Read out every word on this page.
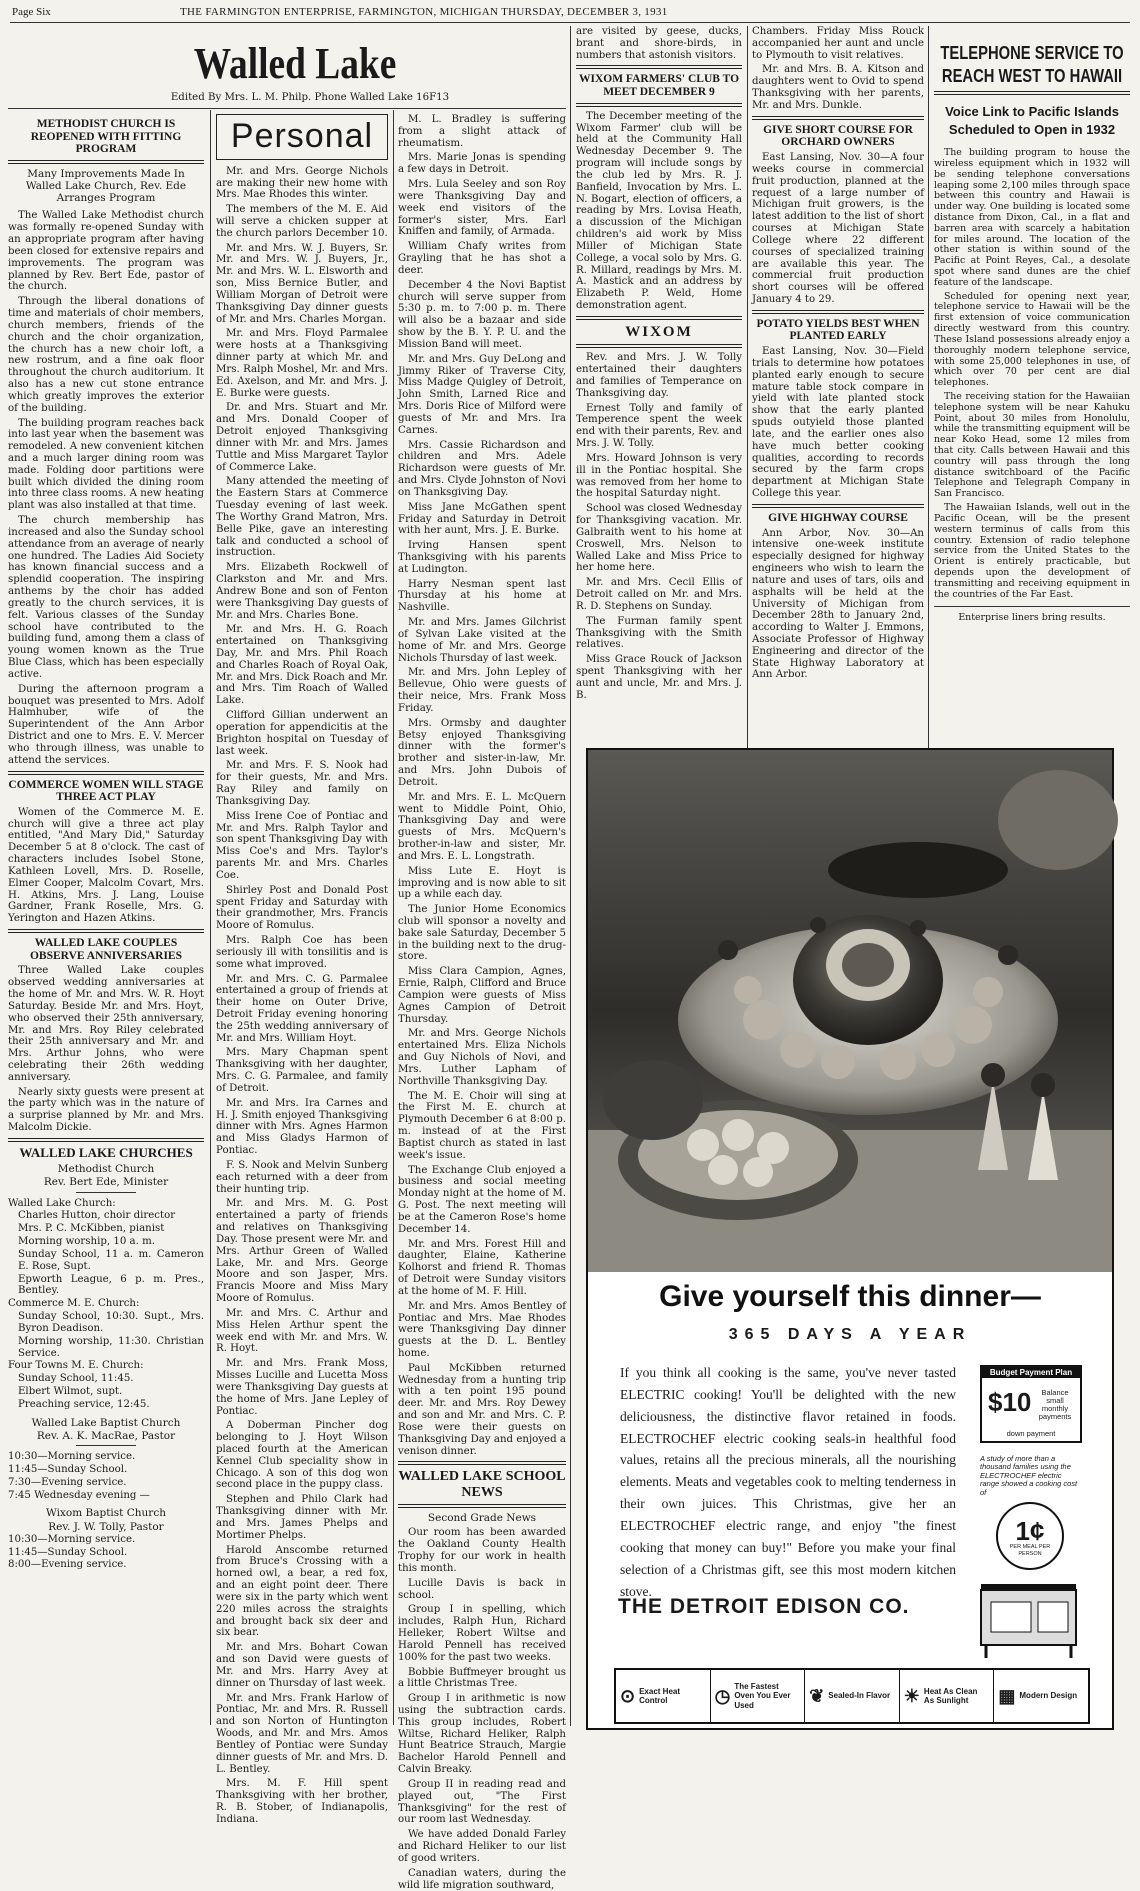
Page Six	THE FARMINGTON ENTERPRISE, FARMINGTON, MICHIGAN THURSDAY, DECEMBER 3, 1931
Walled Lake
Edited By Mrs. L. M. Philp. Phone Walled Lake 16F13
METHODIST CHURCH IS REOPENED WITH FITTING PROGRAM
Many Improvements Made In Walled Lake Church, Rev. Ede Arranges Program

The Walled Lake Methodist church was formally re-opened Sunday with an appropriate program after having been closed for extensive repairs and improvements. The program was planned by Rev. Bert Ede, pastor of the church.

Through the liberal donations of time and materials of choir members, church members, friends of the church and the choir organization, the church has a new choir loft, a new rostrum, and a fine oak floor throughout the church auditorium. It also has a new cut stone entrance which greatly improves the exterior of the building.

The building program reaches back into last year when the basement was remodeled. A new convenient kitchen and a much larger dining room was made. Folding door partitions were built which divided the dining room into three class rooms. A new heating plant was also installed at that time.

The church membership has increased and also the Sunday school attendance from an average of nearly one hundred. The Ladies Aid Society has known financial success and a splendid cooperation. The inspiring anthems by the choir has added greatly to the church services, it is felt. Various classes of the Sunday school have contributed to the building fund, among them a class of young women known as the True Blue Class, which has been especially active.

During the afternoon program a bouquet was presented to Mrs. Adolf Halmhuber, wife of the Superintendent of the Ann Arbor District and one to Mrs. E. V. Mercer who through illness, was unable to attend the services.

COMMERCE WOMEN WILL STAGE THREE ACT PLAY

Women of the Commerce M. E. church will give a three act play entitled, "And Mary Did," Saturday December 5 at 8 o'clock. The cast of characters includes Isobel Stone, Kathleen Lovell, Mrs. D. Roselle, Elmer Cooper, Malcolm Covart, Mrs. H. Atkins, Mrs. J. Lang, Louise Gardner, Frank Roselle, Mrs. G. Yerington and Hazen Atkins.

WALLED LAKE COUPLES OBSERVE ANNIVERSARIES

Three Walled Lake couples observed wedding anniversaries at the home of Mr. and Mrs. W. R. Hoyt Saturday. Beside Mr. and Mrs. Hoyt, who observed their 25th anniversary, Mr. and Mrs. Roy Riley celebrated their 25th anniversary and Mr. and Mrs. Arthur Johns, who were celebrating their 26th wedding anniversary.

Nearly sixty guests were present at the party which was in the nature of a surprise planned by Mr. and Mrs. Malcolm Dickie.

WALLED LAKE CHURCHES

Methodist Church

Rev. Bert Ede, Minister

Walled Lake Church:

Charles Hutton, choir director

Mrs. P. C. McKibben, pianist

Morning worship, 10 a. m.

Sunday School, 11 a. m. Cameron E. Rose, Supt.

Epworth League, 6 p. m. Pres., Bentley.

Commerce M. E. Church:

Sunday School, 10:30. Supt., Mrs. Byron Deadison.

Morning worship, 11:30. Christian Service.

Four Towns M. E. Church:

Sunday School, 11:45.

Elbert Wilmot, supt.

Preaching service, 12:45.

Walled Lake Baptist Church

Rev. A. K. MacRae, Pastor

10:30—Morning service.

11:45—Sunday School.

7:30—Evening service.

7:45 Wednesday evening —

Wixom Baptist Church

Rev. J. W. Tolly, Pastor

10:30—Morning service.

11:45—Sunday School.

8:00—Evening service.

Personal

Mr. and Mrs. George Nichols are making their new home with Mrs. Mae Rhodes this winter.

The members of the M. E. Aid will serve a chicken supper at the church parlors December 10.

Mr. and Mrs. W. J. Buyers, Sr. Mr. and Mrs. W. J. Buyers, Jr., Mr. and Mrs. W. L. Elsworth and son, Miss Bernice Butler, and William Morgan of Detroit were Thanksgiving Day dinner guests of Mr. and Mrs. Charles Morgan.

Mr. and Mrs. Floyd Parmalee were hosts at a Thanksgiving dinner party at which Mr. and Mrs. Ralph Moshel, Mr. and Mrs. Ed. Axelson, and Mr. and Mrs. J. E. Burke were guests.

Dr. and Mrs. Stuart and Mr. and Mrs. Donald Cooper of Detroit enjoyed Thanksgiving dinner with Mr. and Mrs. James Tuttle and Miss Margaret Taylor of Commerce Lake.

Many attended the meeting of the Eastern Stars at Commerce Tuesday evening of last week. The Worthy Grand Matron, Mrs. Belle Pike, gave an interesting talk and conducted a school of instruction.

Mrs. Elizabeth Rockwell of Clarkston and Mr. and Mrs. Andrew Bone and son of Fenton were Thanksgiving Day guests of Mr. and Mrs. Charles Bone.

Mr. and Mrs. H. G. Roach entertained on Thanksgiving Day, Mr. and Mrs. Phil Roach and Charles Roach of Royal Oak, Mr. and Mrs. Dick Roach and Mr. and Mrs. Tim Roach of Walled Lake.

Clifford Gillian underwent an operation for appendicitis at the Brighton hospital on Tuesday of last week.

Mr. and Mrs. F. S. Nook had for their guests, Mr. and Mrs. Ray Riley and family on Thanksgiving Day.

Miss Irene Coe of Pontiac and Mr. and Mrs. Ralph Taylor and son spent Thanksgiving Day with Miss Coe's and Mrs. Taylor's parents Mr. and Mrs. Charles Coe.

Shirley Post and Donald Post spent Friday and Saturday with their grandmother, Mrs. Francis Moore of Romulus.

Mrs. Ralph Coe has been seriously ill with tonsilitis and is some what improved.

Mr. and Mrs. C. G. Parmalee entertained a group of friends at their home on Outer Drive, Detroit Friday evening honoring the 25th wedding anniversary of Mr. and Mrs. William Hoyt.

Mrs. Mary Chapman spent Thanksgiving with her daughter, Mrs. C. G. Parmalee, and family of Detroit.

Mr. and Mrs. Ira Carnes and H. J. Smith enjoyed Thanksgiving dinner with Mrs. Agnes Harmon and Miss Gladys Harmon of Pontiac.

F. S. Nook and Melvin Sunberg each returned with a deer from their hunting trip.

Mr. and Mrs. M. G. Post entertained a party of friends and relatives on Thanksgiving Day. Those present were Mr. and Mrs. Arthur Green of Walled Lake, Mr. and Mrs. George Moore and son Jasper, Mrs. Francis Moore and Miss Mary Moore of Romulus.

Mr. and Mrs. C. Arthur and Miss Helen Arthur spent the week end with Mr. and Mrs. W. R. Hoyt.

Mr. and Mrs. Frank Moss, Misses Lucille and Lucetta Moss were Thanksgiving Day guests at the home of Mrs. Jane Lepley of Pontiac.

A Doberman Pincher dog belonging to J. Hoyt Wilson placed fourth at the American Kennel Club speciality show in Chicago. A son of this dog won second place in the puppy class.

Stephen and Philo Clark had Thanksgiving dinner with Mr. and Mrs. James Phelps and Mortimer Phelps.

Harold Anscombe returned from Bruce's Crossing with a horned owl, a bear, a red fox, and an eight point deer. There were six in the party which went 220 miles across the straights and brought back six deer and six bear.

Mr. and Mrs. Bohart Cowan and son David were guests of Mr. and Mrs. Harry Avey at dinner on Thursday of last week.

Mr. and Mrs. Frank Harlow of Pontiac, Mr. and Mrs. R. Russell and son Norton of Huntington Woods, and Mr. and Mrs. Amos Bentley of Pontiac were Sunday dinner guests of Mr. and Mrs. D. L. Bentley.

Mrs. M. F. Hill spent Thanksgiving with her brother, R. B. Stober, of Indianapolis, Indiana.

M. L. Bradley is suffering from a slight attack of rheumatism.

Mrs. Marie Jonas is spending a few days in Detroit.

Mrs. Lula Seeley and son Roy were Thanksgiving Day and week end visitors of the former's sister, Mrs. Earl Kniffen and family, of Armada.

William Chafy writes from Grayling that he has shot a deer.

December 4 the Novi Baptist church will serve supper from 5:30 p. m. to 7:00 p. m. There will also be a bazaar and side show by the B. Y. P. U. and the Mission Band will meet.

Mr. and Mrs. Guy DeLong and Jimmy Riker of Traverse City, Miss Madge Quigley of Detroit, John Smith, Larned Rice and Mrs. Doris Rice of Milford were guests of Mr. and Mrs. Ira Carnes.

Mrs. Cassie Richardson and children and Mrs. Adele Richardson were guests of Mr. and Mrs. Clyde Johnston of Novi on Thanksgiving Day.

Miss Jane McGathen spent Friday and Saturday in Detroit with her aunt, Mrs. J. E. Burke.

Irving Hansen spent Thanksgiving with his parents at Ludington.

Harry Nesman spent last Thursday at his home at Nashville.

Mr. and Mrs. James Gilchrist of Sylvan Lake visited at the home of Mr. and Mrs. George Nichols Thursday of last week.

Mr. and Mrs. John Lepley of Bellevue, Ohio were guests of their neice, Mrs. Frank Moss Friday.

Mrs. Ormsby and daughter Betsy enjoyed Thanksgiving dinner with the former's brother and sister-in-law, Mr. and Mrs. John Dubois of Detroit.

Mr. and Mrs. E. L. McQuern went to Middle Point, Ohio, Thanksgiving Day and were guests of Mrs. McQuern's brother-in-law and sister, Mr. and Mrs. E. L. Longstrath.

Miss Lute E. Hoyt is improving and is now able to sit up a while each day.

The Junior Home Economics club will sponsor a novelty and bake sale Saturday, December 5 in the building next to the drug-store.

Miss Clara Campion, Agnes, Ernie, Ralph, Clifford and Bruce Campion were guests of Miss Agnes Campion of Detroit Thursday.

Mr. and Mrs. George Nichols entertained Mrs. Eliza Nichols and Guy Nichols of Novi, and Mrs. Luther Lapham of Northville Thanksgiving Day.

The M. E. Choir will sing at the First M. E. church at Plymouth December 6 at 8:00 p. m. instead of at the First Baptist church as stated in last week's issue.

The Exchange Club enjoyed a business and social meeting Monday night at the home of M. G. Post. The next meeting will be at the Cameron Rose's home December 14.

Mr. and Mrs. Forest Hill and daughter, Elaine, Katherine Kolhorst and friend R. Thomas of Detroit were Sunday visitors at the home of M. F. Hill.

Mr. and Mrs. Amos Bentley of Pontiac and Mrs. Mae Rhodes were Thanksgiving Day dinner guests at the D. L. Bentley home.

Paul McKibben returned Wednesday from a hunting trip with a ten point 195 pound deer. Mr. and Mrs. Roy Dewey and son and Mr. and Mrs. C. P. Rose were their guests on Thanksgiving Day and enjoyed a venison dinner.

WALLED LAKE SCHOOL NEWS

Second Grade News

Our room has been awarded the Oakland County Health Trophy for our work in health this month.

Lucille Davis is back in school.

Group I in spelling, which includes, Ralph Hun, Richard Helleker, Robert Wiltse and Harold Pennell has received 100% for the past two weeks.

Bobbie Buffmeyer brought us a little Christmas Tree.

Group I in arithmetic is now using the subtraction cards. This group includes, Robert Wiltse, Richard Heliker, Ralph Hunt Beatrice Strauch, Margie Bachelor Harold Pennell and Calvin Breaky.

Group II in reading read and played out, "The First Thanksgiving" for the rest of our room last Wednesday.

We have added Donald Farley and Richard Heliker to our list of good writers.

Canadian waters, during the wild life migration southward,

are visited by geese, ducks, brant and shore-birds, in numbers that astonish visitors.

WIXOM FARMERS' CLUB TO MEET DECEMBER 9

The December meeting of the Wixom Farmer' club will be held at the Community Hall Wednesday December 9. The program will include songs by the club led by Mrs. R. J. Banfield, Invocation by Mrs. L. N. Bogart, election of officers, a reading by Mrs. Lovisa Heath, a discussion of the Michigan children's aid work by Miss Miller of Michigan State College, a vocal solo by Mrs. G. R. Millard, readings by Mrs. M. A. Mastick and an address by Elizabeth P. Weld, Home demonstration agent.

WIXOM

Rev. and Mrs. J. W. Tolly entertained their daughters and families of Temperance on Thanksgiving day.

Ernest Tolly and family of Temperence spent the week end with their parents, Rev. and Mrs. J. W. Tolly.

Mrs. Howard Johnson is very ill in the Pontiac hospital. She was removed from her home to the hospital Saturday night.

School was closed Wednesday for Thanksgiving vacation. Mr. Galbraith went to his home at Croswell, Mrs. Nelson to Walled Lake and Miss Price to her home here.

Mr. and Mrs. Cecil Ellis of Detroit called on Mr. and Mrs. R. D. Stephens on Sunday.

The Furman family spent Thanksgiving with the Smith relatives.

Miss Grace Rouck of Jackson spent Thanksgiving with her aunt and uncle, Mr. and Mrs. J. B.

Chambers. Friday Miss Rouck accompanied her aunt and uncle to Plymouth to visit relatives.

Mr. and Mrs. B. A. Kitson and daughters went to Ovid to spend Thanksgiving with her parents, Mr. and Mrs. Dunkle.

GIVE SHORT COURSE FOR ORCHARD OWNERS

East Lansing, Nov. 30—A four weeks course in commercial fruit production, planned at the request of a large number of Michigan fruit growers, is the latest addition to the list of short courses at Michigan State College where 22 different courses of specialized training are available this year. The commercial fruit production short courses will be offered January 4 to 29.

POTATO YIELDS BEST WHEN PLANTED EARLY

East Lansing, Nov. 30—Field trials to determine how potatoes planted early enough to secure mature table stock compare in yield with late planted stock show that the early planted spuds outyield those planted late, and the earlier ones also have much better cooking qualities, according to records secured by the farm crops department at Michigan State College this year.

GIVE HIGHWAY COURSE

Ann Arbor, Nov. 30—An intensive one-week institute especially designed for highway engineers who wish to learn the nature and uses of tars, oils and asphalts will be held at the University of Michigan from December 28th to January 2nd, according to Walter J. Emmons, Associate Professor of Highway Engineering and director of the State Highway Laboratory at Ann Arbor.

TELEPHONE SERVICE TO REACH WEST TO HAWAII
Voice Link to Pacific Islands Scheduled to Open in 1932

The building program to house the wireless equipment which in 1932 will be sending telephone conversations leaping some 2,100 miles through space between this country and Hawaii is under way. One building is located some distance from Dixon, Cal., in a flat and barren area with scarcely a habitation for miles around. The location of the other station is within sound of the Pacific at Point Reyes, Cal., a desolate spot where sand dunes are the chief feature of the landscape.

Scheduled for opening next year, telephone service to Hawaii will be the first extension of voice communication directly westward from this country. These Island possessions already enjoy a thoroughly modern telephone service, with some 25,000 telephones in use, of which over 70 per cent are dial telephones.

The receiving station for the Hawaiian telephone system will be near Kahuku Point, about 30 miles from Honolulu, while the transmitting equipment will be near Koko Head, some 12 miles from that city. Calls between Hawaii and this country will pass through the long distance switchboard of the Pacific Telephone and Telegraph Company in San Francisco.

The Hawaiian Islands, well out in the Pacific Ocean, will be the present western terminus of calls from this country. Extension of radio telephone service from the United States to the Orient is entirely practicable, but depends upon the development of transmitting and receiving equipment in the countries of the Far East.

Enterprise liners bring results.

Give yourself this dinner—
365 DAYS A YEAR
If you think all cooking is the same, you've never tasted ELECTRIC cooking! You'll be delighted with the new deliciousness, the distinctive flavor retained in foods. ELECTROCHEF electric cooking seals-in healthful food values, retains all the precious minerals, all the nourishing elements. Meats and vegetables cook to melting tenderness in their own juices. This Christmas, give her an ELECTROCHEF electric range, and enjoy "the finest cooking that money can buy!" Before you make your final selection of a Christmas gift, see this most modern kitchen stove.
Budget Payment Plan
$10	Balance small monthly payments
down payment
A study of more than a thousand families using the ELECTROCHEF electric range showed a cooking cost of
1¢
PER MEAL PER PERSON
THE DETROIT EDISON CO.
⊙ Exact Heat Control	◷ The Fastest Oven You Ever Used	❦ Sealed-In Flavor ☀ Heat As Clean As Sunlight	▦ Modern Design
